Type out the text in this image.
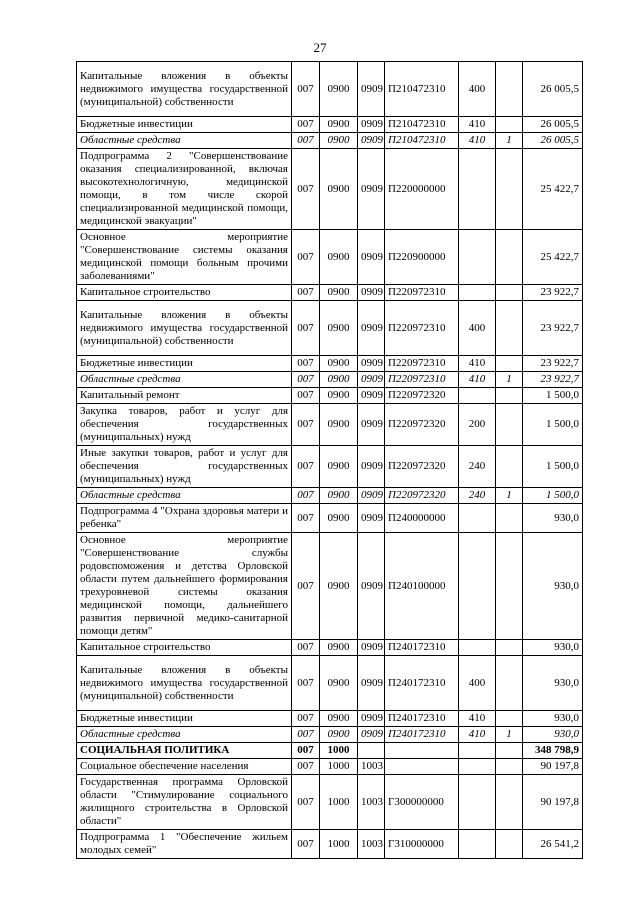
27
Капитальные вложения в объекты недвижимого имущества государственной (муниципальной) собственности	007	0900	0909	П210472310	400		26 005,5
Бюджетные инвестиции	007	0900	0909	П210472310	410		26 005,5
Областные средства	007	0900	0909	П210472310	410	1	26 005,5
Подпрограмма 2 "Совершенствование оказания специализированной, включая высокотехнологичную, медицинской помощи, в том числе скорой специализированной медицинской помощи, медицинской эвакуации"	007	0900	0909	П220000000			25 422,7
Основное мероприятие "Совершенствование системы оказания медицинской помощи больным прочими заболеваниями"	007	0900	0909	П220900000			25 422,7
Капитальное строительство	007	0900	0909	П220972310			23 922,7
Капитальные вложения в объекты недвижимого имущества государственной (муниципальной) собственности	007	0900	0909	П220972310	400		23 922,7
Бюджетные инвестиции	007	0900	0909	П220972310	410		23 922,7
Областные средства	007	0900	0909	П220972310	410	1	23 922,7
Капитальный ремонт	007	0900	0909	П220972320			1 500,0
Закупка товаров, работ и услуг для обеспечения государственных (муниципальных) нужд	007	0900	0909	П220972320	200		1 500,0
Иные закупки товаров, работ и услуг для обеспечения государственных (муниципальных) нужд	007	0900	0909	П220972320	240		1 500,0
Областные средства	007	0900	0909	П220972320	240	1	1 500,0
Подпрограмма 4 "Охрана здоровья матери и ребенка"	007	0900	0909	П240000000			930,0
Основное мероприятие "Совершенствование службы родовспоможения и детства Орловской области путем дальнейшего формирования трехуровневой системы оказания медицинской помощи, дальнейшего развития первичной медико-санитарной помощи детям"	007	0900	0909	П240100000			930,0
Капитальное строительство	007	0900	0909	П240172310			930,0
Капитальные вложения в объекты недвижимого имущества государственной (муниципальной) собственности	007	0900	0909	П240172310	400		930,0
Бюджетные инвестиции	007	0900	0909	П240172310	410		930,0
Областные средства	007	0900	0909	П240172310	410	1	930,0
СОЦИАЛЬНАЯ ПОЛИТИКА	007	1000					348 798,9
Социальное обеспечение населения	007	1000	1003				90 197,8
Государственная программа Орловской области "Стимулирование социального жилищного строительства в Орловской области"	007	1000	1003	Г300000000			90 197,8
Подпрограмма 1 "Обеспечение жильем молодых семей"	007	1000	1003	Г310000000			26 541,2
